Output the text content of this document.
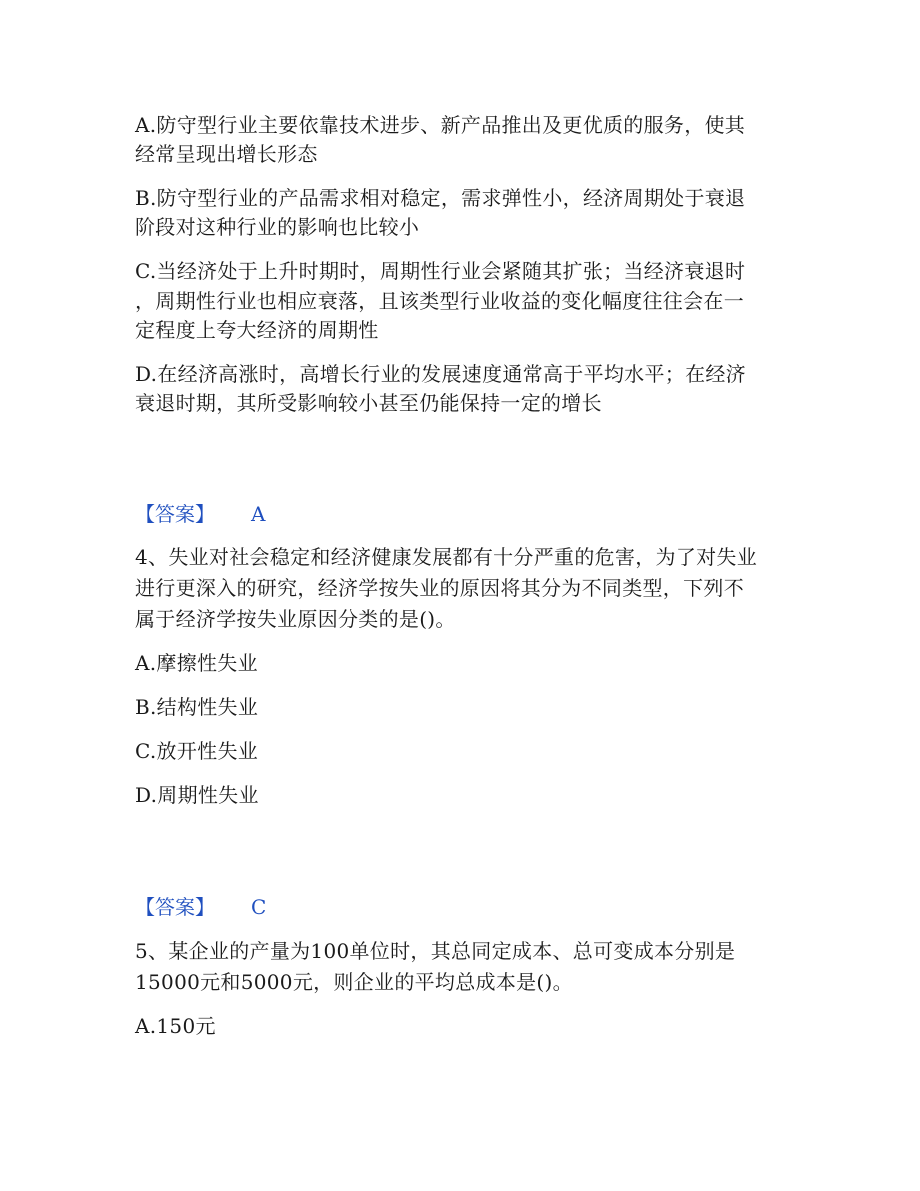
A.防守型行业主要依靠技术进步、新产品推出及更优质的服务，使其
经常呈现出增长形态
B.防守型行业的产品需求相对稳定，需求弹性小，经济周期处于衰退
阶段对这种行业的影响也比较小
C.当经济处于上升时期时，周期性行业会紧随其扩张；当经济衰退时
，周期性行业也相应衰落，且该类型行业收益的变化幅度往往会在一
定程度上夸大经济的周期性
D.在经济高涨时，高增长行业的发展速度通常高于平均水平；在经济
衰退时期，其所受影响较小甚至仍能保持一定的增长
【答案】 A
4、失业对社会稳定和经济健康发展都有十分严重的危害，为了对失业
进行更深入的研究，经济学按失业的原因将其分为不同类型，下列不
属于经济学按失业原因分类的是()。
A.摩擦性失业
B.结构性失业
C.放开性失业
D.周期性失业
【答案】 C
5、某企业的产量为100单位时，其总同定成本、总可变成本分别是
15000元和5000元，则企业的平均总成本是()。
A.150元
